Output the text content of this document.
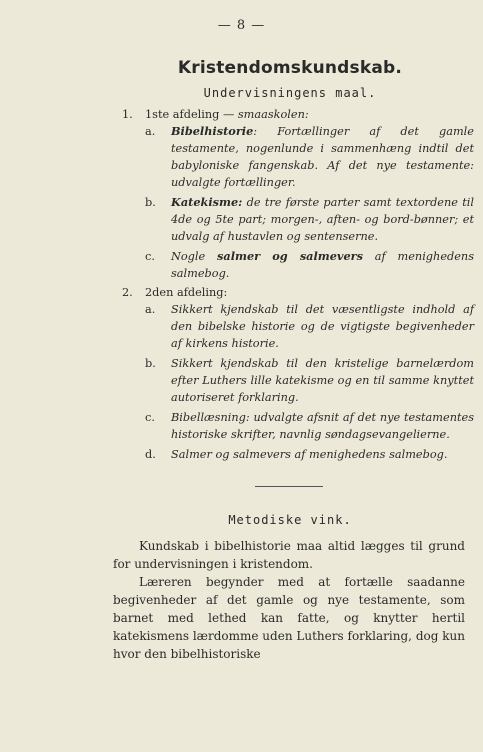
— 8 —
Kristendomskundskab.
Undervisningens maal.
1. 1ste afdeling — smaaskolen:
a. Bibelhistorie: Fortællinger af det gamle testamente, nogenlunde i sammenhæng indtil det babyloniske fangenskab. Af det nye testamente: udvalgte fortællinger.
b. Katekisme: de tre første parter samt textordene til 4de og 5te part; morgen-, aften- og bord-bønner; et udvalg af hustavlen og sentenserne.
c. Nogle salmer og salmevers af menighedens salmebog.
2. 2den afdeling:
a. Sikkert kjendskab til det væsentligste indhold af den bibelske historie og de vigtigste begivenheder af kirkens historie.
b. Sikkert kjendskab til den kristelige barnelærdom efter Luthers lille katekisme og en til samme knyttet autoriseret forklaring.
c. Bibellæsning: udvalgte afsnit af det nye testamentes historiske skrifter, navnlig søndagsevangelierne.
d. Salmer og salmevers af menighedens salmebog.
Metodiske vink.

Kundskab i bibelhistorie maa altid lægges til grund for undervisningen i kristendom.

Læreren begynder med at fortælle saadanne begivenheder af det gamle og nye testamente, som barnet med lethed kan fatte, og knytter hertil katekismens lærdomme uden Luthers forklaring, dog kun hvor den bibelhistoriske
